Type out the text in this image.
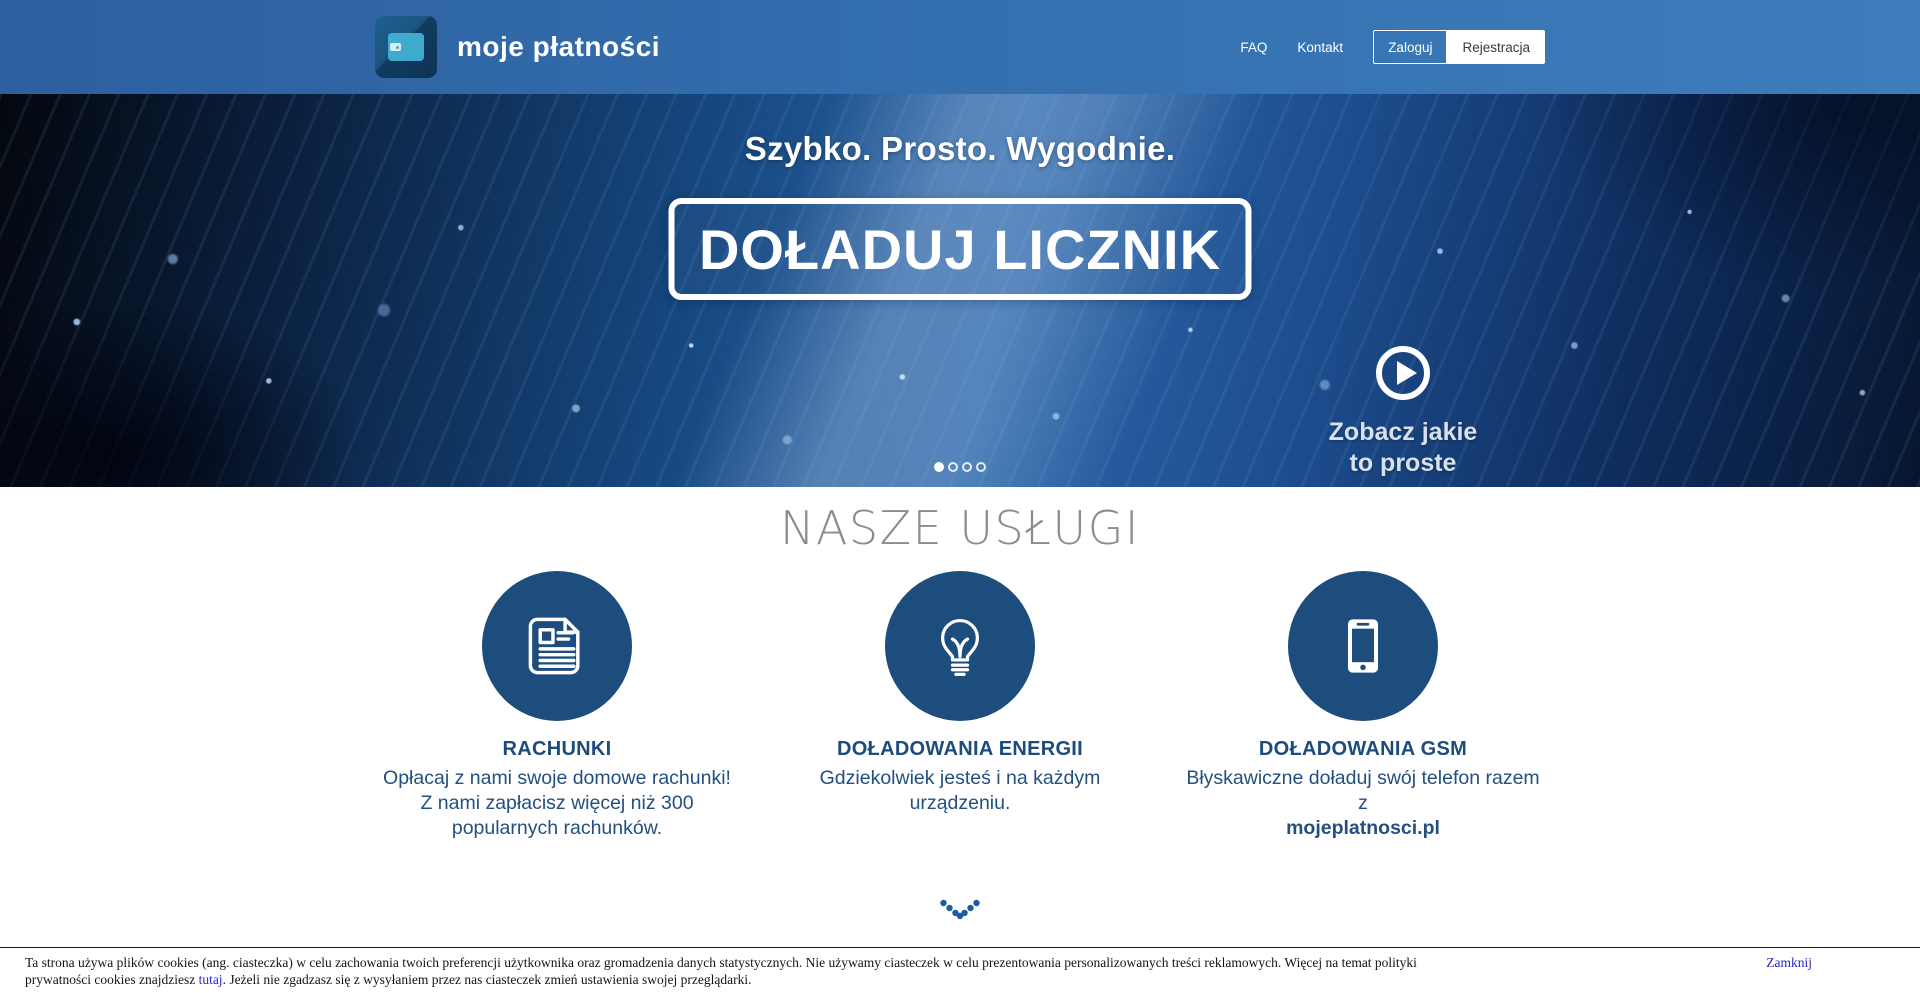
moje płatności	FAQ Kontakt	Zaloguj	Rejestracja
Szybko. Prosto. Wygodnie.
DOŁADUJ LICZNIK
Zobacz jakie
to proste
NASZE USŁUGI
RACHUNKI
Opłacaj z nami swoje domowe rachunki! Z nami zapłacisz więcej niż 300 popularnych rachunków.
DOŁADOWANIA ENERGII
Gdziekolwiek jesteś i na każdym urządzeniu.
DOŁADOWANIA GSM
Błyskawiczne doładuj swój telefon razem z
mojeplatnosci.pl
Ta strona używa plików cookies (ang. ciasteczka) w celu zachowania twoich preferencji użytkownika oraz gromadzenia danych statystycznych. Nie używamy ciasteczek w celu prezentowania personalizowanych treści reklamowych. Więcej na temat polityki prywatności cookies znajdziesz tutaj. Jeżeli nie zgadzasz się z wysyłaniem przez nas ciasteczek zmień ustawienia swojej przeglądarki.
Zamknij
